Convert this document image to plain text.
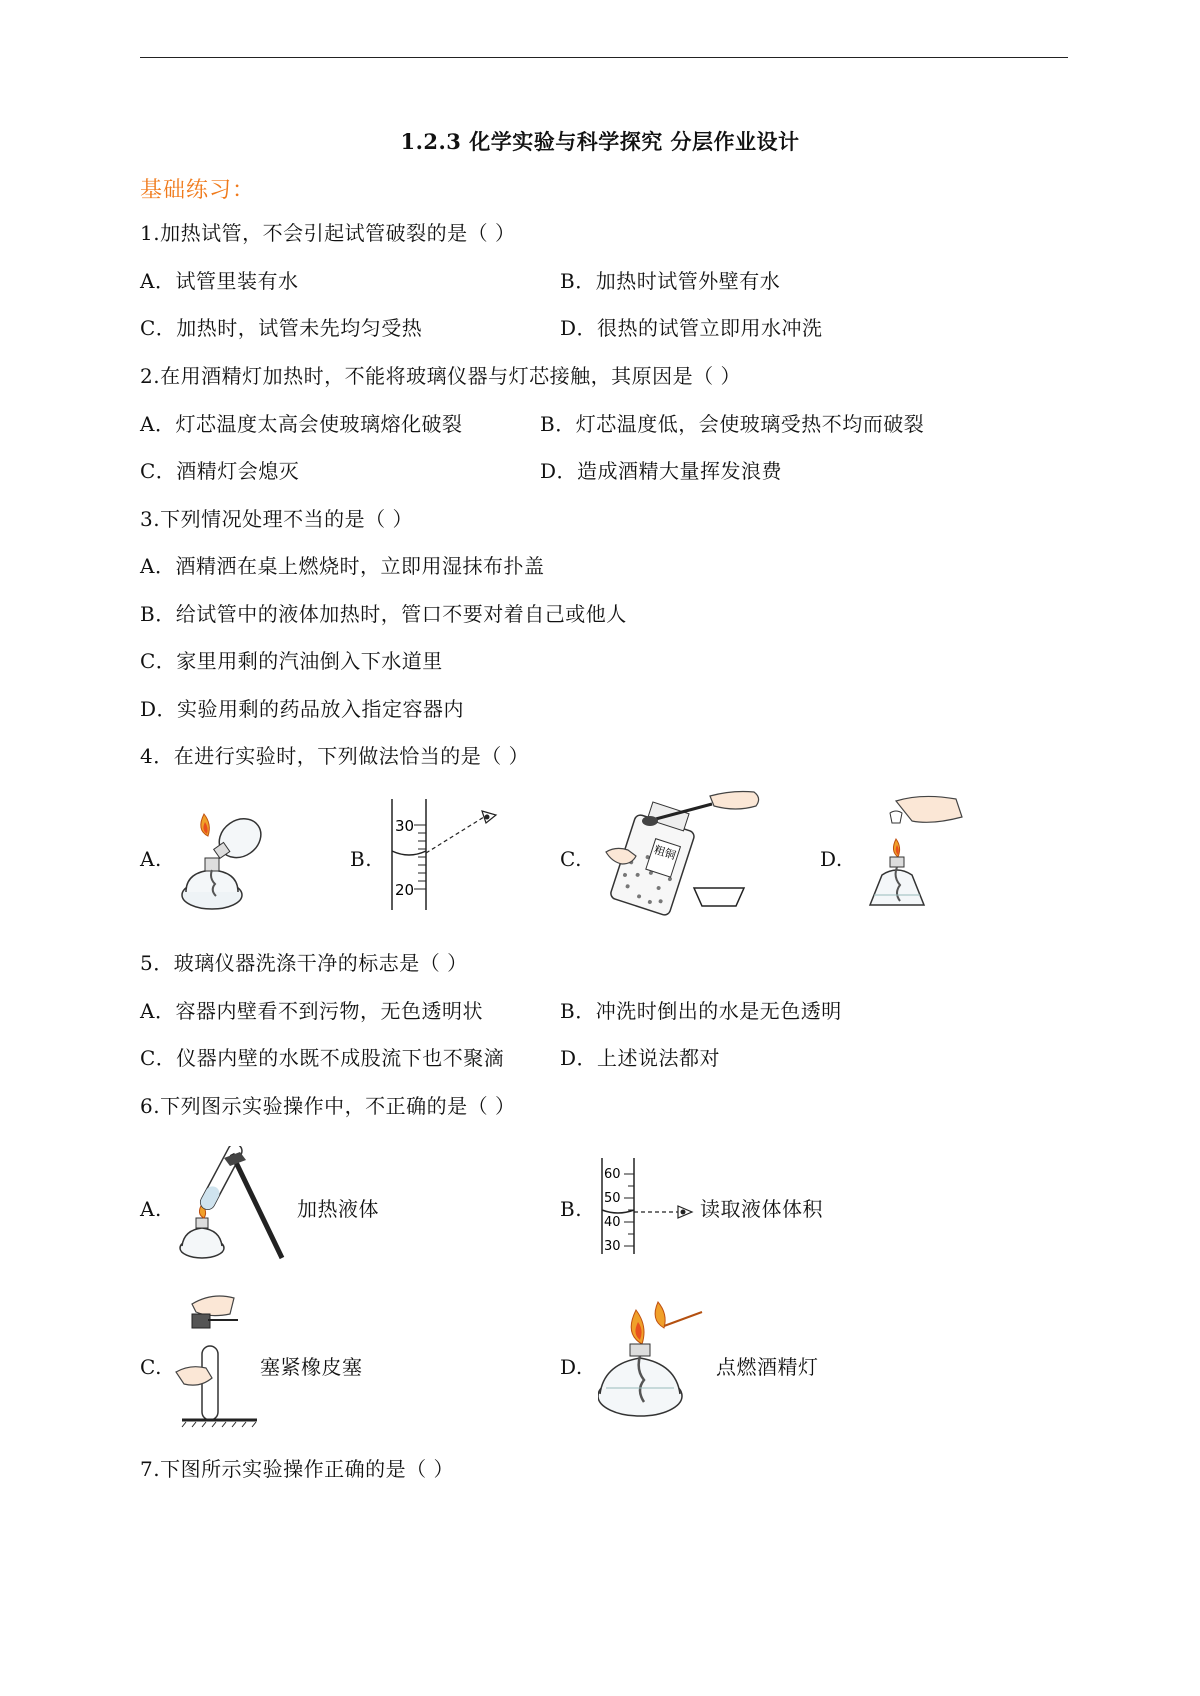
1.2.3 化学实验与科学探究 分层作业设计
基础练习：
1.加热试管，不会引起试管破裂的是（ ）
A．试管里装有水	B．加热时试管外壁有水
C．加热时，试管未先均匀受热	D．很热的试管立即用水冲洗
2.在用酒精灯加热时，不能将玻璃仪器与灯芯接触，其原因是（ ）
A．灯芯温度太高会使玻璃熔化破裂	B．灯芯温度低，会使玻璃受热不均而破裂
C．酒精灯会熄灭	D．造成酒精大量挥发浪费
3.下列情况处理不当的是（ ）
A．酒精洒在桌上燃烧时，立即用湿抹布扑盖
B．给试管中的液体加热时，管口不要对着自己或他人
C．家里用剩的汽油倒入下水道里
D．实验用剩的药品放入指定容器内
4．在进行实验时，下列做法恰当的是（ ）
A.	B.	C.	D.
30
20
粗铜
5．玻璃仪器洗涤干净的标志是（ ）
A．容器内壁看不到污物，无色透明状	B．冲洗时倒出的水是无色透明
C．仪器内壁的水既不成股流下也不聚滴	D．上述说法都对
6.下列图示实验操作中，不正确的是（ ）
A.	加热液体	B.
60
50
40
30
读取液体体积
C.	塞紧橡皮塞	D.	点燃酒精灯
7.下图所示实验操作正确的是（ ）
